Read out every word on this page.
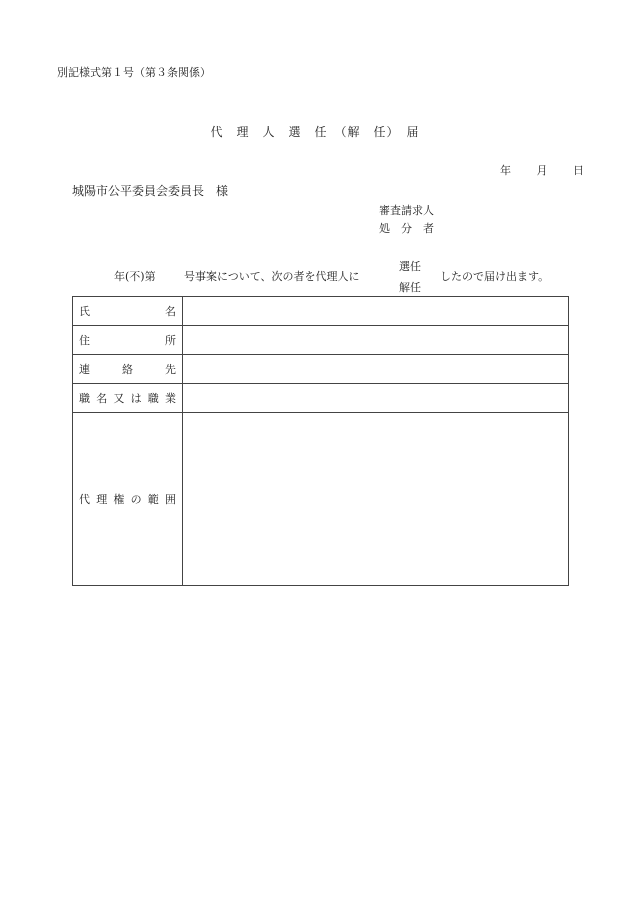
別記様式第１号（第３条関係）
代　理　人　選　任　（解　任）　届
年 月 日
城陽市公平委員会委員長　様
審査請求人
処　分　者
年(不)第	号事案について、次の者を代理人に
選任
解任
したので届け出ます。
氏名	

住所	

連絡先	

職名又は職業	

代理権の範囲	
